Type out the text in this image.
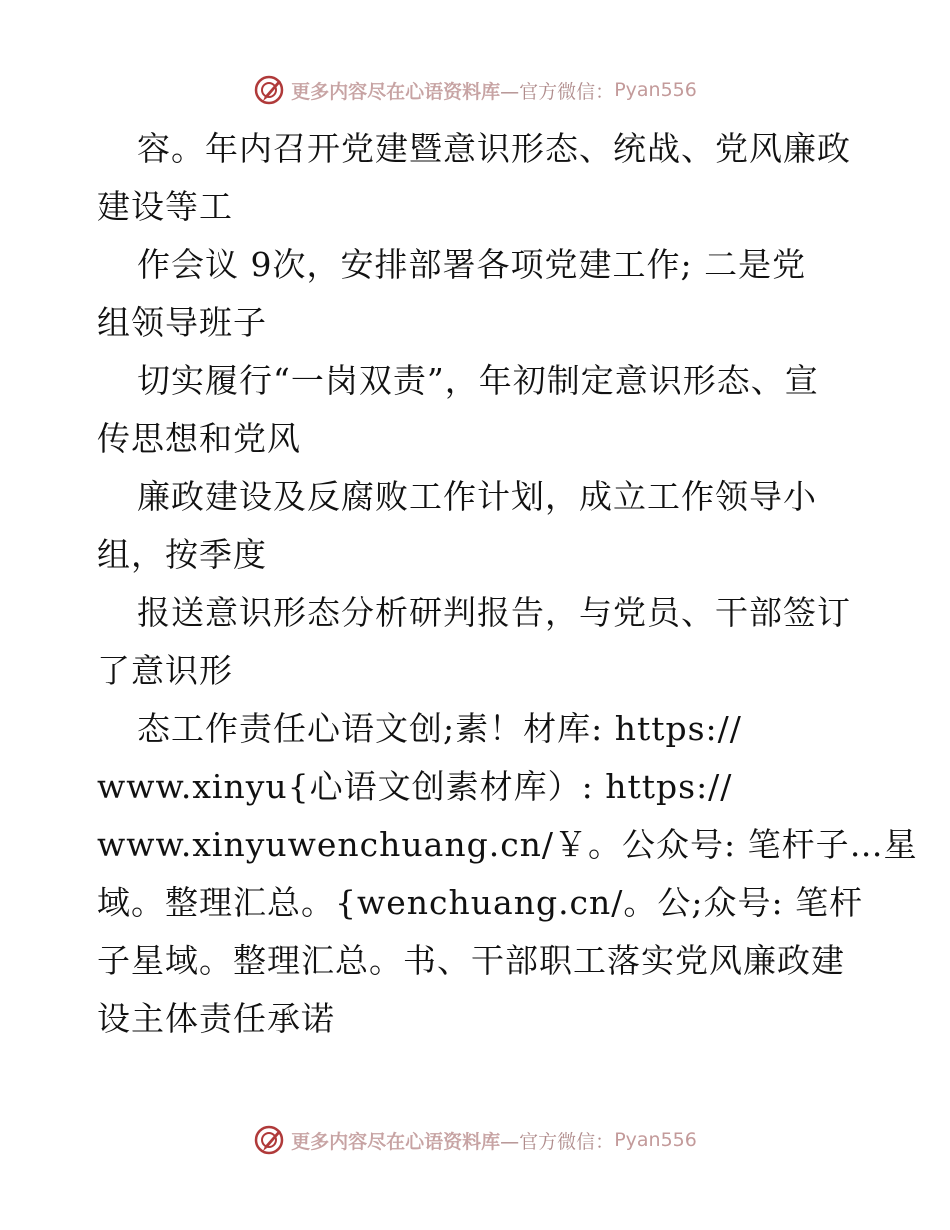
更多内容尽在心语资料库 —官方微信： Pyan556
容。年内召开党建暨意识形态、统战、党风廉政
建设等工
作会议 9次，安排部署各项党建工作; 二是党
组领导班子
切实履行“一岗双责”，年初制定意识形态、宣
传思想和党风
廉政建设及反腐败工作计划，成立工作领导小
组，按季度
报送意识形态分析研判报告，与党员、干部签订
了意识形
态工作责任心语文创;素！材库: https://
www.xinyu{心语文创素材库）: https://
www.xinyuwenchuang.cn/￥。公众号: 笔杆子…星
域。整理汇总。{wenchuang.cn/。公;众号: 笔杆
子星域。整理汇总。书、干部职工落实党风廉政建
设主体责任承诺
更多内容尽在心语资料库 —官方微信： Pyan556
